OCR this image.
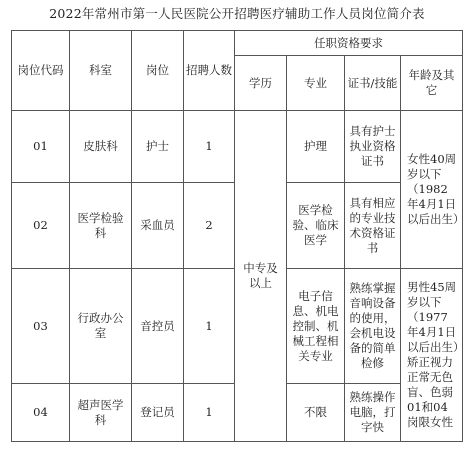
2022年常州市第一人民医院公开招聘医疗辅助工作人员岗位简介表
岗位代码	科室	岗位	招聘人数	任职资格要求			
				学历	专业	证书/技能	年龄及其它

01	皮肤科	护士	1	中专及以上	护理	具有护士执业资格证书	女性40周岁以下（1982年4月1日以后出生）

02	医学检验科	采血员	2		医学检验、临床医学	具有相应的专业技术资格证书	

03	行政办公室	音控员	1		电子信息、机电控制、机械工程相关专业	熟练掌握音响设备的使用，会机电设备的简单检修	男性45周岁以下（1977年4月1日以后出生）矫正视力正常无色盲、色弱01和04岗限女性

04	超声医学科	登记员	1		不限	熟练操作电脑，打字快	
